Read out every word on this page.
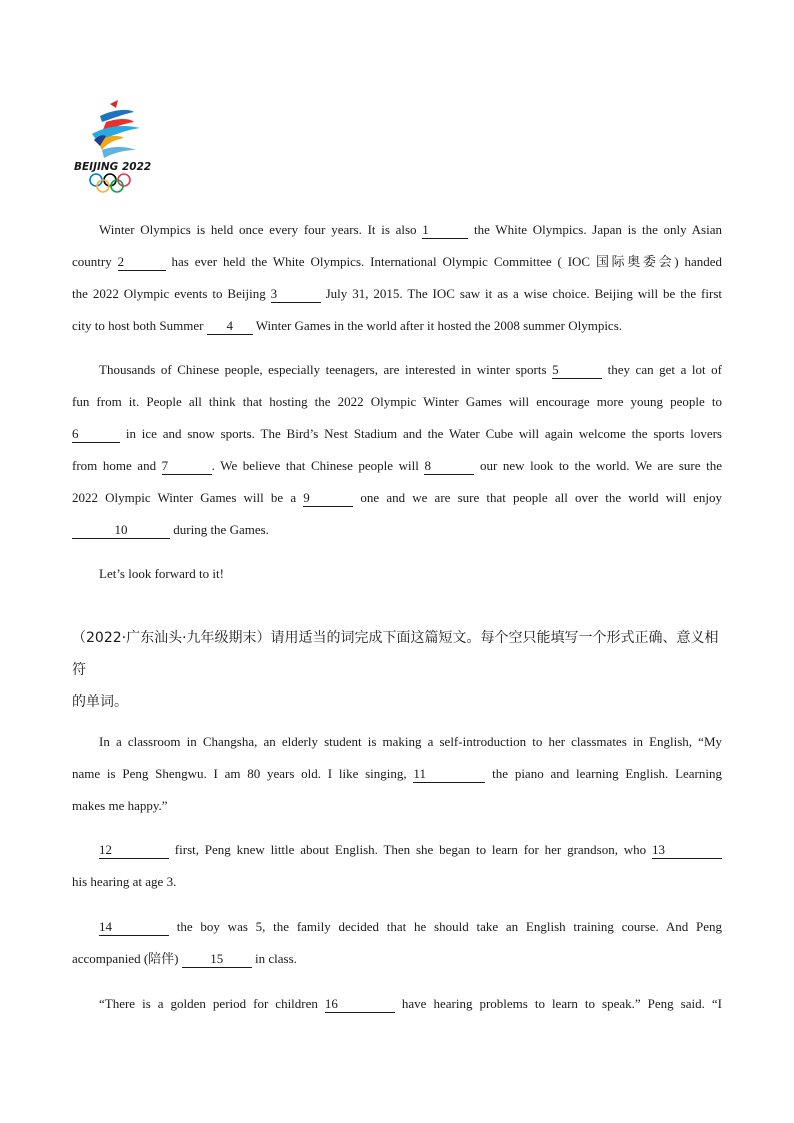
BEIJING 2022
Winter Olympics is held once every four years. It is also 1	the White Olympics. Japan is the only Asian
country 2	has ever held the White Olympics. International Olympic Committee ( IOC 国际奥委会) handed
the 2022 Olympic events to Beijing 3	July 31, 2015. The IOC saw it as a wise choice. Beijing will be the first
city to host both Summer 4 Winter Games in the world after it hosted the 2008 summer Olympics.
Thousands of Chinese people, especially teenagers, are interested in winter sports 5	they can get a lot of
fun from it. People all think that hosting the 2022 Olympic Winter Games will encourage more young people to
6	in ice and snow sports. The Bird’s Nest Stadium and the Water Cube will again welcome the sports lovers
from home and 7	. We believe that Chinese people will 8	our new look to the world. We are sure the
2022 Olympic Winter Games will be a 9	one and we are sure that people all over the world will enjoy
10	during the Games.
Let’s look forward to it!
（2022·广东汕头·九年级期末）请用适当的词完成下面这篇短文。每个空只能填写一个形式正确、意义相符
的单词。
In a classroom in Changsha, an elderly student is making a self-introduction to her classmates in English, “My
name is Peng Shengwu. I am 80 years old. I like singing, 11	the piano and learning English. Learning
makes me happy.”
12	first, Peng knew little about English. Then she began to learn for her grandson, who 13
his hearing at age 3.
14	the boy was 5, the family decided that he should take an English training course. And Peng
accompanied (陪伴) 15 in class.
“There is a golden period for children 16	have hearing problems to learn to speak.” Peng said. “I
